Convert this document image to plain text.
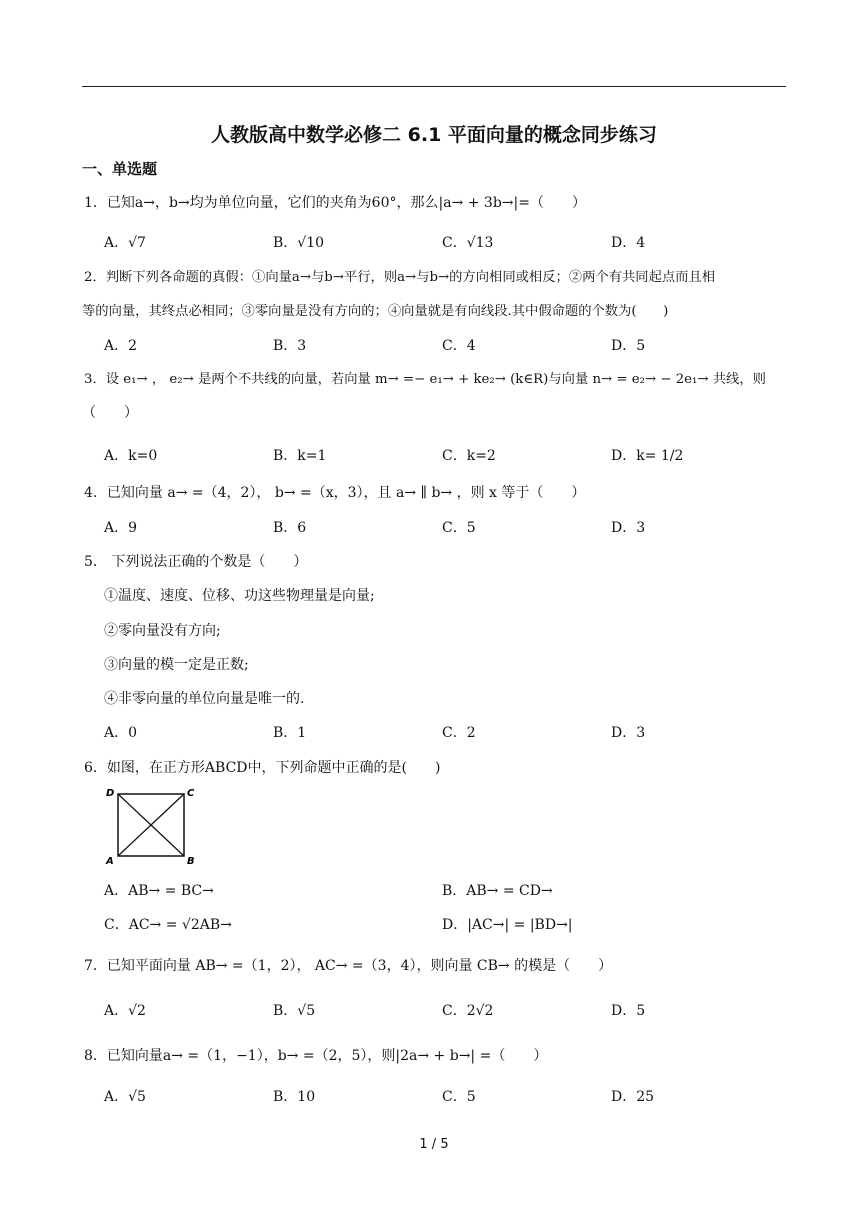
人教版高中数学必修二 6.1 平面向量的概念同步练习
一、单选题
1．已知a→，b→均为单位向量，它们的夹角为60°，那么|a→ + 3b→|=（　　）
A．√7	B．√10	C．√13	D．4
2．判断下列各命题的真假：①向量a→与b→平行，则a→与b→的方向相同或相反；②两个有共同起点而且相
等的向量，其终点必相同；③零向量是没有方向的；④向量就是有向线段.其中假命题的个数为(　　)
A．2	B．3	C．4	D．5
3．设 e₁→ ， e₂→ 是两个不共线的向量，若向量 m→ =− e₁→ + ke₂→ (k∈R)与向量 n→ = e₂→ − 2e₁→ 共线，则
（　　）
A．k=0	B．k=1	C．k=2	D．k= 1/2
4．已知向量 a→ =（4，2）， b→ =（x，3），且 a→ ∥ b→ ，则 x 等于（　　）
A．9	B．6	C．5	D．3
5． 下列说法正确的个数是（　　）
①温度、速度、位移、功这些物理量是向量;
②零向量没有方向;
③向量的模一定是正数;
④非零向量的单位向量是唯一的.
A．0	B．1	C．2	D．3
6．如图，在正方形ABCD中，下列命题中正确的是(　　)
D	C
A	B
A．AB→ = BC→	B．AB→ = CD→
C．AC→ = √2AB→	D．|AC→| = |BD→|
7．已知平面向量 AB→ =（1，2）， AC→ =（3，4），则向量 CB→ 的模是（　　）
A．√2	B．√5	C．2√2	D．5
8．已知向量a→ =（1，−1），b→ =（2，5），则|2a→ + b→| =（　　）
A．√5	B．10	C．5	D．25
1 / 5
